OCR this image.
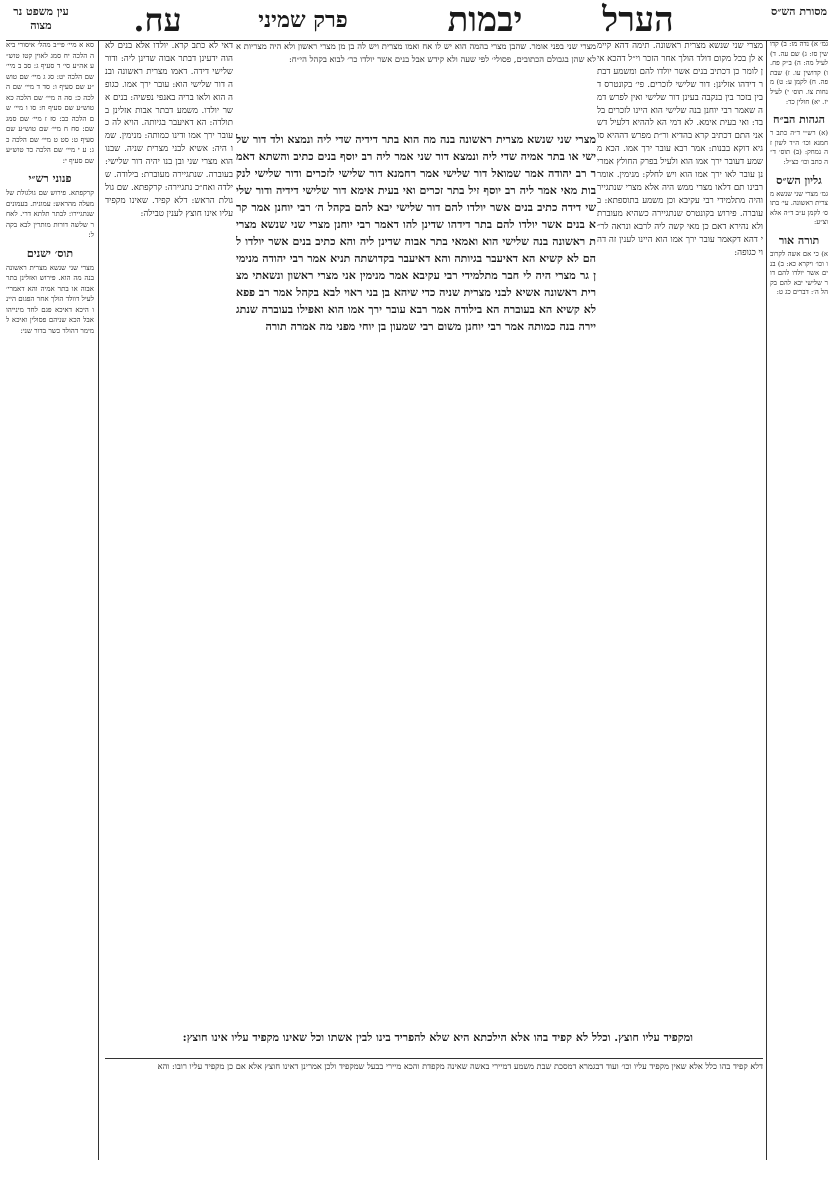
הערל
יבמות
פרק שמיני
עח.
עין משפט נר מצוה
מסורת הש״ס
סא א מיי׳ פי״ב מהל׳ איסורי ביאה הלכה יח סמג לאוין קטז טוש״ע אה״ע סי׳ ד סעיף ג: סב ב מיי׳ שם הלכה יט: סג ג מיי׳ שם טוש״ע שם סעיף ו: סד ד מיי׳ שם הלכה כ: סה ה מיי׳ שם הלכה כא טוש״ע שם סעיף ח: סו ו מיי׳ שם הלכה כב: סז ז מיי׳ שם סמג שם: סח ח מיי׳ שם טוש״ע שם סעיף ט: סט ט מיי׳ שם הלכה כג: ע י מיי׳ שם הלכה כד טוש״ע שם סעיף י:
פנוני רש״י
קרקפתא. פירוש שם גולגולת שלמעלה מהראש: עמונית. בעמונים שנתגיירו: לבתר תלתא דרי. לאחר שלשה דורות מותרין לבא בקהל:
תוס׳ ישנים
מצרי שני שנשא מצרית ראשונה בנה מה הוא. פירוש ואזלינן בתר אבוה או בתר אמיה והא דאמרי׳ לעיל דוולד הולך אחר הפגום היינו היכא דאיכא פגם לחד מינייהו אבל הכא שניהם פסולין ואיכא למימר דהולד כשר בדור שני:
דאי לא כתב קרא. יולדו אלא בנים לא הוה ידעינן דבתר אבוה שדינן ליה: ודור שלישי דידה. דאמו מצרית ראשונה ובנה דור שלישי הוא: עובר ירך אמו. כגופה הוא ולאו בריה באנפי נפשיה: בנים אשר יולדו. משמע דבתר אבות אזלינן בתולדה: הא דאיעבר בגיותה. הויא לה כעובר ירך אמו ודינו כמותה: מנימין. שמו היה: אשיא לבני מצרית שניה. שבנו הוא מצרי שני ובן בנו יהיה דור שלישי: בעוברה. שנתגיירה מעוברת: בילודה. שילדה ואח״כ נתגיירה: קרקפתא. שם גולגולת הראש: דלא קפיד. שאינו מקפיד עליו אינו חוצץ לענין טבילה:
מצרי שני בפני אומר. שהבן מצרי בהמה הוא יש לו אח ואמו מצרית ויש לה בן מן מצרי ראשון ולא היה מצריות אלא שהן בגבולם הכתובים, פסולי׳ לפי שעה ולא קידש אבל בנים אשר יולדו כר׳ לבוא בקהל הי״ח:
מצרי שני שנשא מצרית ראשונה בנה מה הוא בתר דידיה שדי ליה ונמצא ולד דור שלישי או בתר אמיה שדי ליה ונמצא דור שני אמר ליה רב יוסף בנים כתיב והשתא דאמר רב יהודה אמר שמואל דור שלישי אמר רחמנא דור שלישי לזכרים ודור שלישי לנקבות מאי אמר ליה רב יוסף זיל בתר זכרים ואי בעית אימא דור שלישי דידיה ודור שלישי דידה כתיב בנים אשר יולדו להם דור שלישי יבא להם בקהל ה׳ רבי יוחנן אמר קרא בנים אשר יולדו להם בתר דידהו שדינן להו דאמר רבי יוחנן מצרי שני שנשא מצרית ראשונה בנה שלישי הוא ואמאי בתר אבוה שדינן ליה והא כתיב בנים אשר יולדו להם לא קשיא הא דאיעבר בגיותה והא דאיעבר בקדושתה תניא אמר רבי יהודה מנימין גר מצרי היה לי חבר מתלמידי רבי עקיבא אמר מנימין אני מצרי ראשון ונשאתי מצרית ראשונה אשיא לבני מצרית שניה כדי שיהא בן בני ראוי לבא בקהל אמר רב פפא לא קשיא הא בעוברה הא בילודה אמר רבא עובר ירך אמו הוא ואפילו בעוברה שנתגיירה בנה כמותה אמר רבי יוחנן משום רבי שמעון בן יוחי מפני מה אמרה תורה
מצרי שני שנשא מצרית ראשונה. תימה דהא קיימא לן בכל מקום דולד הולך אחר הזכר וי״ל דהכא אין לומר כן דכתיב בנים אשר יולדו להם ומשמע דבתר דידהו אזלינן: דור שלישי לזכרים. פי׳ בקונטרס דבין בזכר בין בנקבה בעינן דור שלישי ואין לפרש דמה שאמר רבי יוחנן בנה שלישי הוא היינו לזכרים בלבד: ואי בעית אימא. לא דמי הא לההיא דלעיל דשאני התם דכתיב קרא בהדיא ור״ת מפרש דההיא סוגיא דוקא בבנות: אמר רבא עובר ירך אמו. הכא משמע דעובר ירך אמו הוא ולעיל בפרק החולץ אמרינן עובר לאו ירך אמו הוא ויש לחלק: מנימין. אומר רבינו תם דלאו מצרי ממש היה אלא מצרי שנתגייר והיה מתלמידי רבי עקיבא וכן משמע בתוספתא: בעוברה. פירוש בקונטרס שנתגיירה כשהיא מעוברת ולא נהירא דאם כן מאי קשה ליה לרבא ונראה לר״י דהא דקאמר עובר ירך אמו הוא היינו לענין זה דהוי כגופה:
ומקפיד עליו חוצץ. וכלל לא קפיד בהו אלא הילכתא היא שלא להפריד בינו לבין אשתו וכל שאינו מקפיד עליו אינו חוצץ:
דלא קפיד בהו כלל אלא שאין מקפיד עליו וכו׳ ועוד דבגמרא דמסכת שבת משמע דמיירי באשה שאינה מקפדת והכא מיירי בבעל שמקפיד ולכן אמרינן דאינו חוצץ אלא אם כן מקפיד עליו רובו: והא
גמ׳ א) נדה מז: ב) קדושין סז: ג) שם עה. ד) לעיל מה: ה) ב״ק פח. ו) קדושין עו. ז) שבת פה. ח) לקמן ע: ט) מנחות צו. תוס׳ י) לעיל יז. יא) חולין כד:
הגהות הב״ח
(א) רש״י ד״ה כתב רחמנא וכו׳ ה״ד לשון זה נמחק: (ב) תוס׳ ד״ה כתב וכו׳ כצ״ל:
גליון הש״ס
גמ׳ מצרי שני שנשא מצרית ראשונה. עי׳ בתוס׳ לקמן ע״ב ד״ה אלא וצ״ע:
תורה אור
א) כי אם אשה לקרובו וכו׳ ויקרא כא: ב) בנים אשר יולדו להם דור שלישי יבא להם בקהל ה׳: דברים כג ט:
